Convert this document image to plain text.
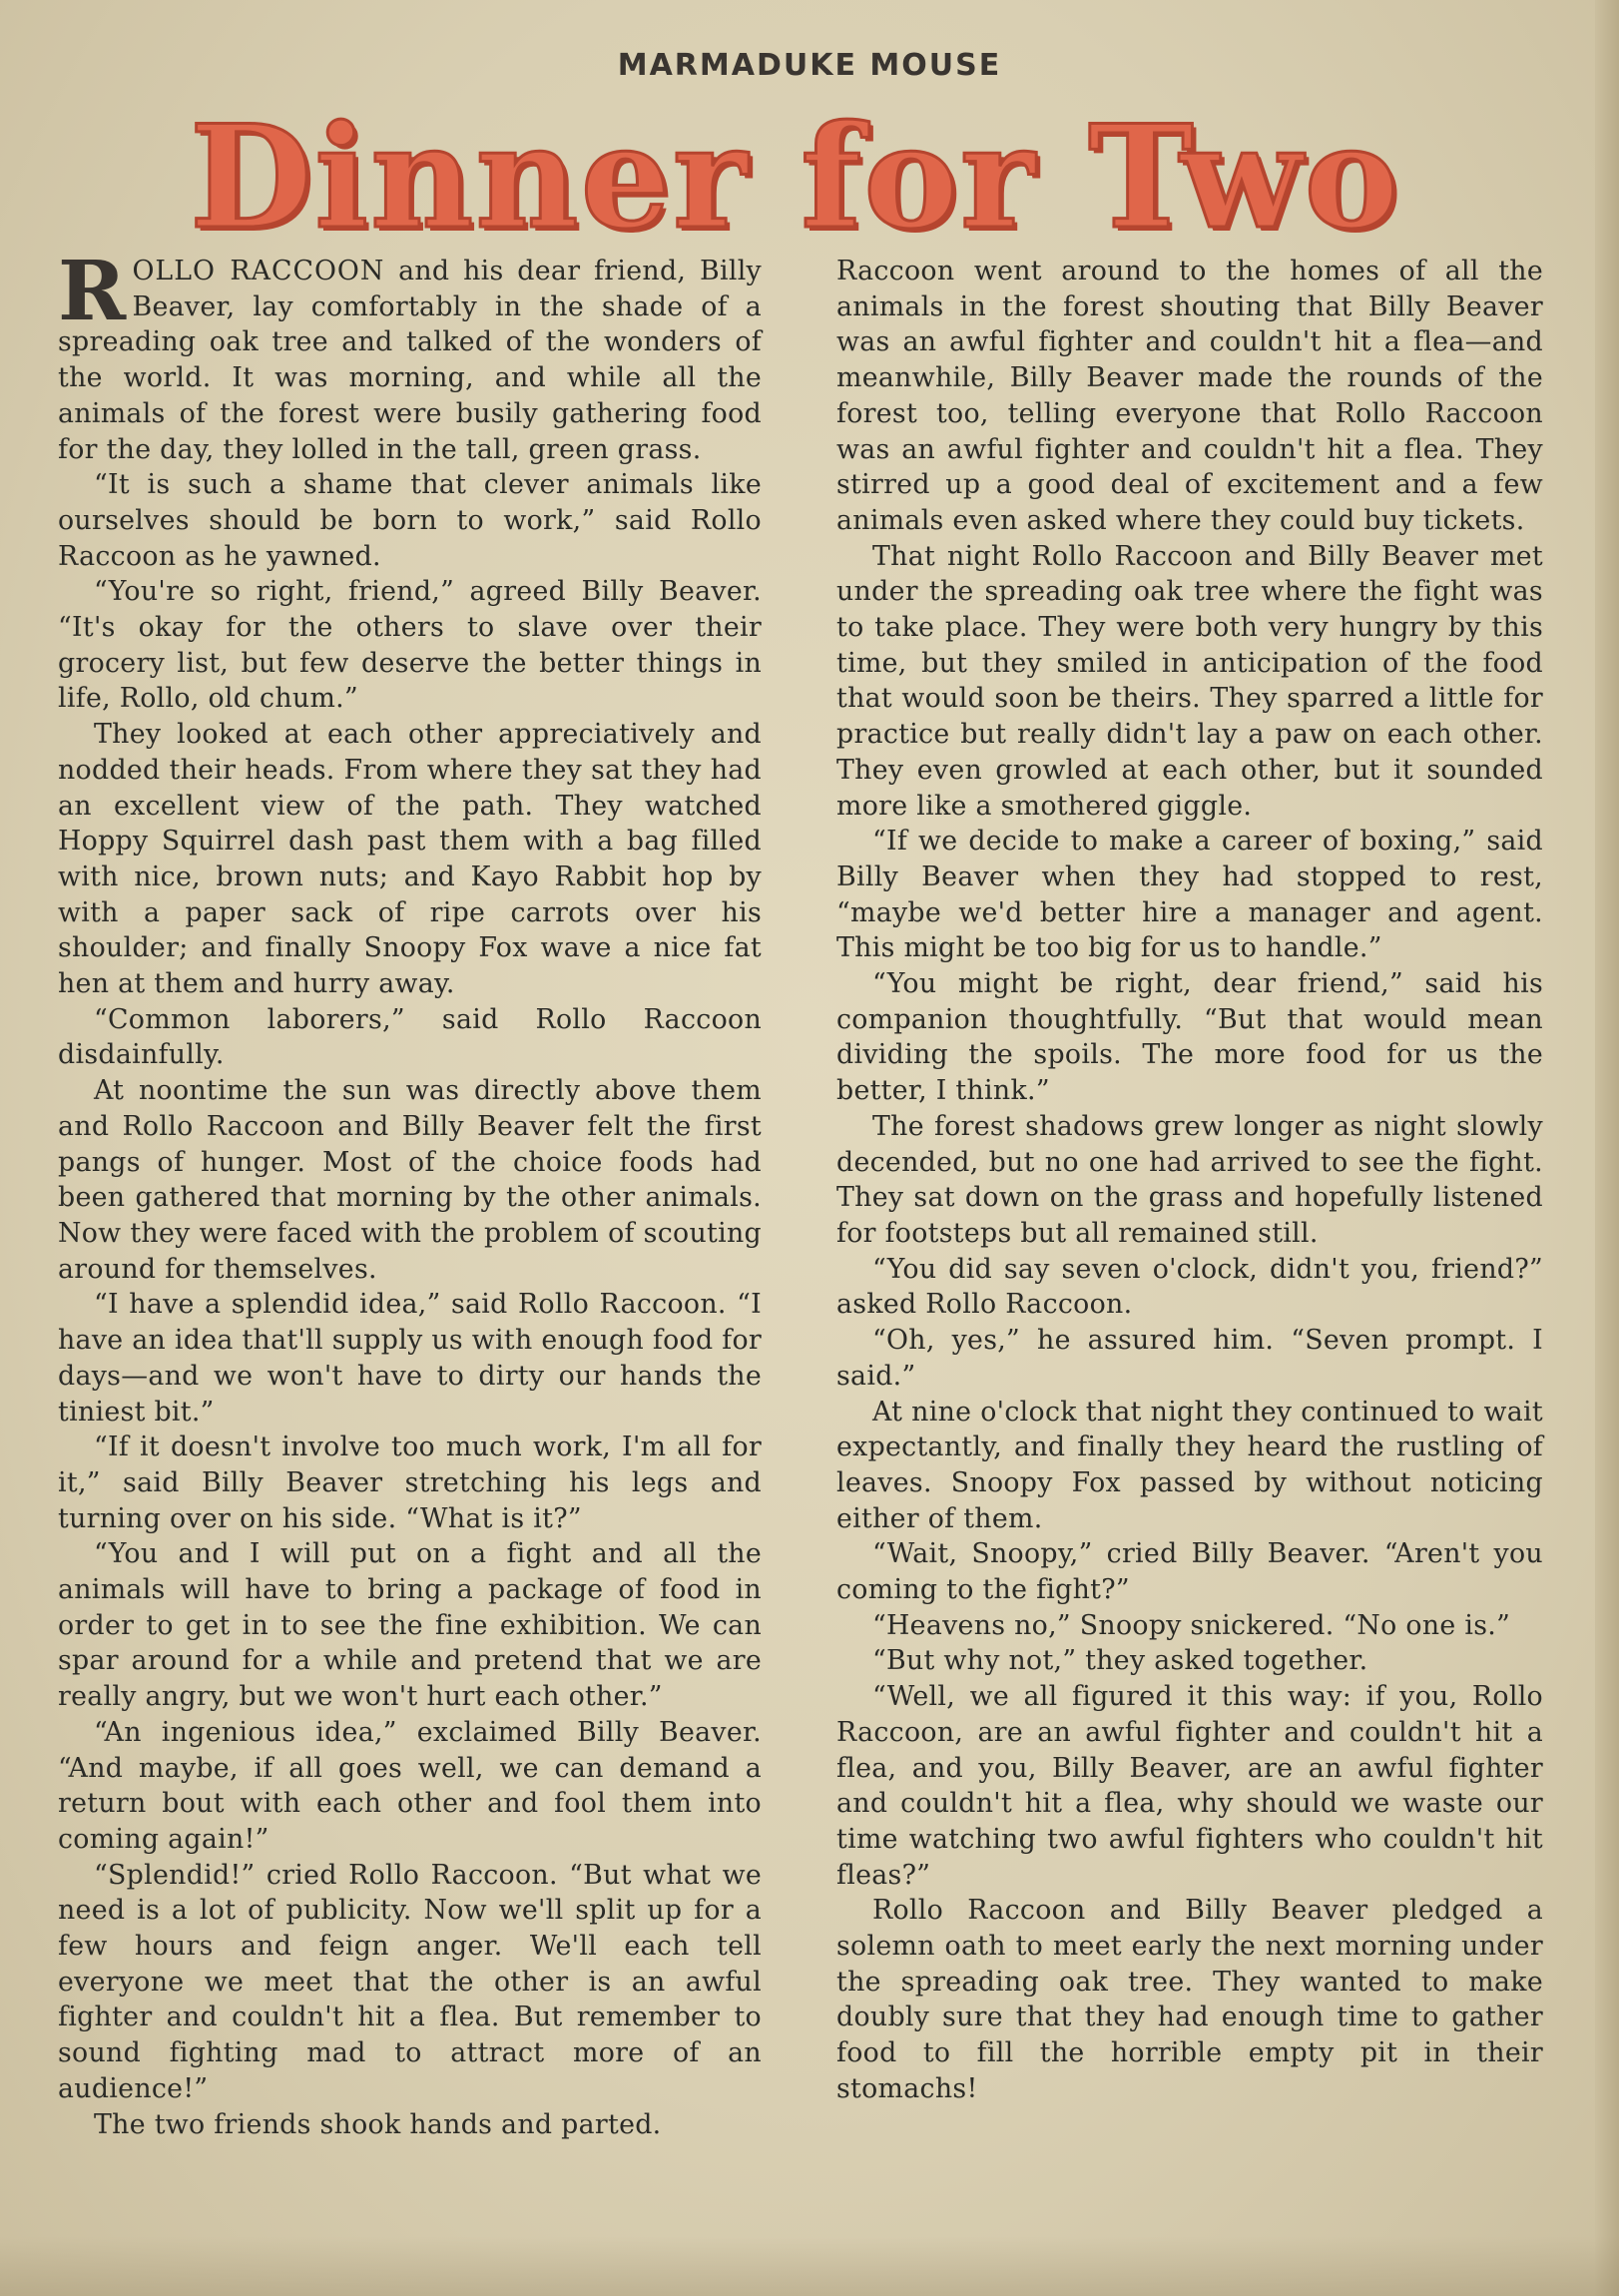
MARMADUKE MOUSE
Dinner for Two

ROLLO RACCOON and his dear friend, Billy Beaver, lay comfortably in the shade of a spreading oak tree and talked of the wonders of the world. It was morning, and while all the animals of the forest were busily gathering food for the day, they lolled in the tall, green grass.

“It is such a shame that clever animals like ourselves should be born to work,” said Rollo Raccoon as he yawned.

“You're so right, friend,” agreed Billy Beaver. “It's okay for the others to slave over their grocery list, but few deserve the better things in life, Rollo, old chum.”

They looked at each other appreciatively and nodded their heads. From where they sat they had an excellent view of the path. They watched Hoppy Squirrel dash past them with a bag filled with nice, brown nuts; and Kayo Rabbit hop by with a paper sack of ripe carrots over his shoulder; and finally Snoopy Fox wave a nice fat hen at them and hurry away.

“Common laborers,” said Rollo Raccoon disdainfully.

At noontime the sun was directly above them and Rollo Raccoon and Billy Beaver felt the first pangs of hunger. Most of the choice foods had been gathered that morning by the other animals. Now they were faced with the problem of scouting around for themselves.

“I have a splendid idea,” said Rollo Raccoon. “I have an idea that'll supply us with enough food for days—and we won't have to dirty our hands the tiniest bit.”

“If it doesn't involve too much work, I'm all for it,” said Billy Beaver stretching his legs and turning over on his side. “What is it?”

“You and I will put on a fight and all the animals will have to bring a package of food in order to get in to see the fine exhibition. We can spar around for a while and pretend that we are really angry, but we won't hurt each other.”

“An ingenious idea,” exclaimed Billy Beaver. “And maybe, if all goes well, we can demand a return bout with each other and fool them into coming again!”

“Splendid!” cried Rollo Raccoon. “But what we need is a lot of publicity. Now we'll split up for a few hours and feign anger. We'll each tell everyone we meet that the other is an awful fighter and couldn't hit a flea. But remember to sound fighting mad to attract more of an audience!”

The two friends shook hands and parted.

Raccoon went around to the homes of all the animals in the forest shouting that Billy Beaver was an awful fighter and couldn't hit a flea—and meanwhile, Billy Beaver made the rounds of the forest too, telling everyone that Rollo Raccoon was an awful fighter and couldn't hit a flea. They stirred up a good deal of excitement and a few animals even asked where they could buy tickets.

That night Rollo Raccoon and Billy Beaver met under the spreading oak tree where the fight was to take place. They were both very hungry by this time, but they smiled in anticipation of the food that would soon be theirs. They sparred a little for practice but really didn't lay a paw on each other. They even growled at each other, but it sounded more like a smothered giggle.

“If we decide to make a career of boxing,” said Billy Beaver when they had stopped to rest, “maybe we'd better hire a manager and agent. This might be too big for us to handle.”

“You might be right, dear friend,” said his companion thoughtfully. “But that would mean dividing the spoils. The more food for us the better, I think.”

The forest shadows grew longer as night slowly decended, but no one had arrived to see the fight. They sat down on the grass and hopefully listened for footsteps but all remained still.

“You did say seven o'clock, didn't you, friend?” asked Rollo Raccoon.

“Oh, yes,” he assured him. “Seven prompt. I said.”

At nine o'clock that night they continued to wait expectantly, and finally they heard the rustling of leaves. Snoopy Fox passed by without noticing either of them.

“Wait, Snoopy,” cried Billy Beaver. “Aren't you coming to the fight?”

“Heavens no,” Snoopy snickered. “No one is.”

“But why not,” they asked together.

“Well, we all figured it this way: if you, Rollo Raccoon, are an awful fighter and couldn't hit a flea, and you, Billy Beaver, are an awful fighter and couldn't hit a flea, why should we waste our time watching two awful fighters who couldn't hit fleas?”

Rollo Raccoon and Billy Beaver pledged a solemn oath to meet early the next morning under the spreading oak tree. They wanted to make doubly sure that they had enough time to gather food to fill the horrible empty pit in their stomachs!
